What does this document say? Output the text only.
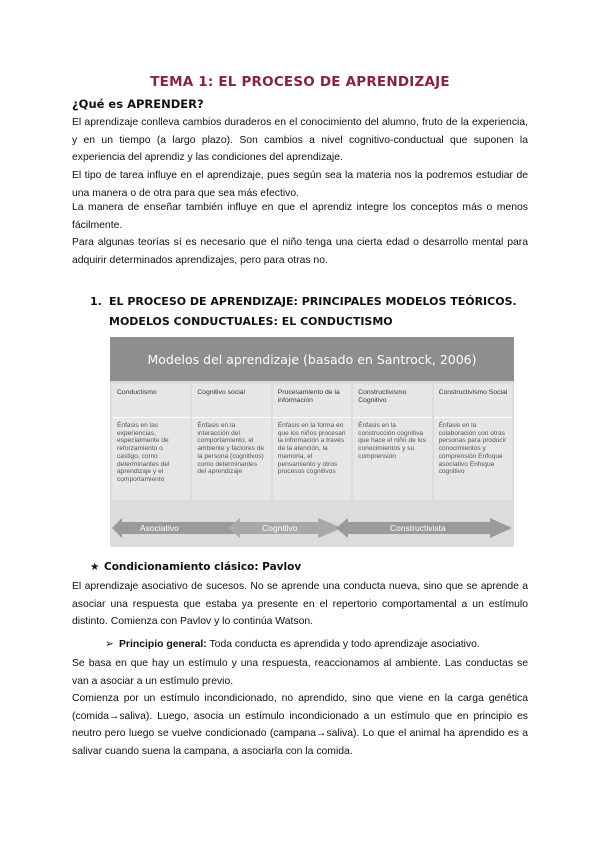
TEMA 1: EL PROCESO DE APRENDIZAJE
¿Qué es APRENDER?
El aprendizaje conlleva cambios duraderos en el conocimiento del alumno, fruto de la experiencia, y en un tiempo (a largo plazo). Son cambios a nivel cognitivo-conductual que suponen la experiencia del aprendiz y las condiciones del aprendizaje.
El tipo de tarea influye en el aprendizaje, pues según sea la materia nos la podremos estudiar de una manera o de otra para que sea más efectivo.
La manera de enseñar también influye en que el aprendiz integre los conceptos más o menos fácilmente.
Para algunas teorías sí es necesario que el niño tenga una cierta edad o desarrollo mental para adquirir determinados aprendizajes, pero para otras no.
1. EL PROCESO DE APRENDIZAJE: PRINCIPALES MODELOS TEÓRICOS. MODELOS CONDUCTUALES: EL CONDUCTISMO
Modelos del aprendizaje (basado en Santrock, 2006)
Conductismo
Énfasis en las experiencias, especialmente de reforzamiento o castigo, como determinantes del aprendizaje y el comportamiento
Cognitivo social
Énfasis en la interacción del comportamiento, el ambiente y factores de la persona (cognitivos) como determinantes del aprendizaje
Procesamiento de la información
Énfasis en la forma en que los niños procesan la información a través de la atención, la memoria, el pensamiento y otros procesos cognitivos
Constructivismo Cognitivo
Énfasis en la construcción cognitiva que hace el niño de los conocimientos y su comprensión
Constructivismo Social
Énfasis en la colaboración con otras personas para producir conocimientos y comprensión Enfoque asociativo Enfoque cognitivo
Asociativo	Cognitivo	Constructivista
★ Condicionamiento clásico: Pavlov
El aprendizaje asociativo de sucesos. No se aprende una conducta nueva, sino que se aprende a asociar una respuesta que estaba ya presente en el repertorio comportamental a un estímulo distinto. Comienza con Pavlov y lo continúa Watson.
➢ Principio general: Toda conducta es aprendida y todo aprendizaje asociativo.
Se basa en que hay un estímulo y una respuesta, reaccionamos al ambiente. Las conductas se van a asociar a un estímulo previo.
Comienza por un estímulo incondicionado, no aprendido, sino que viene en la carga genética (comida→saliva). Luego, asocia un estímulo incondicionado a un estímulo que en principio es neutro pero luego se vuelve condicionado (campana→saliva). Lo que el animal ha aprendido es a salivar cuando suena la campana, a asociarla con la comida.
